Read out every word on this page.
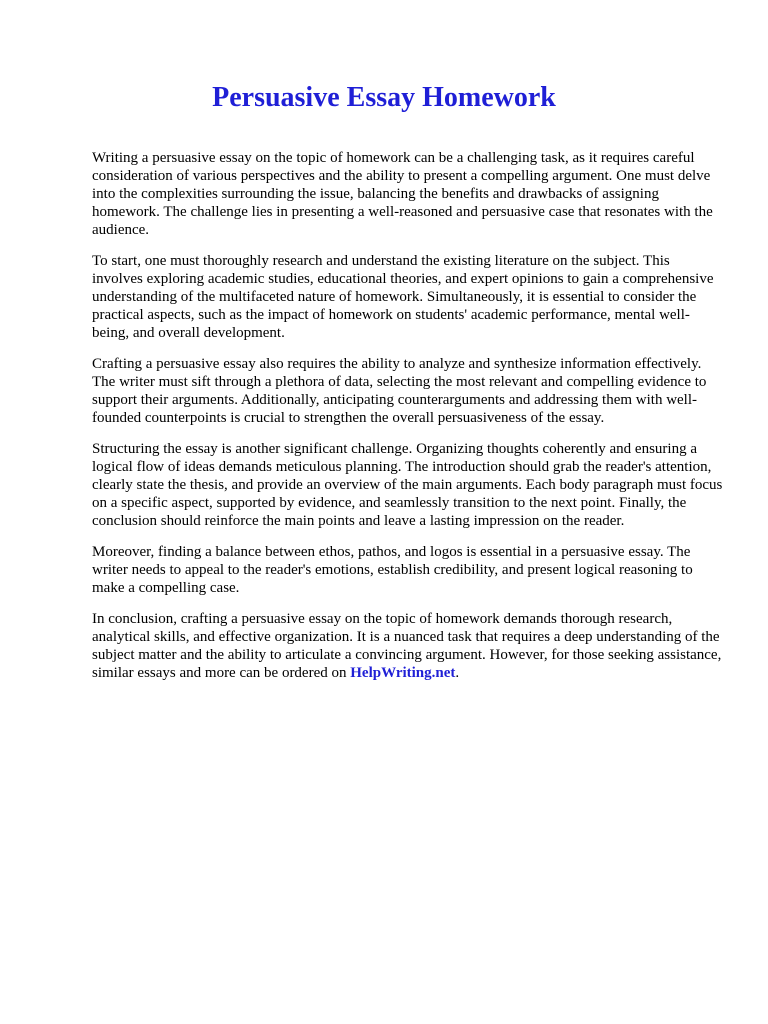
Persuasive Essay Homework

Writing a persuasive essay on the topic of homework can be a challenging task, as it requires careful consideration of various perspectives and the ability to present a compelling argument. One must delve into the complexities surrounding the issue, balancing the benefits and drawbacks of assigning homework. The challenge lies in presenting a well-reasoned and persuasive case that resonates with the audience.

To start, one must thoroughly research and understand the existing literature on the subject. This involves exploring academic studies, educational theories, and expert opinions to gain a comprehensive understanding of the multifaceted nature of homework. Simultaneously, it is essential to consider the practical aspects, such as the impact of homework on students' academic performance, mental well-being, and overall development.

Crafting a persuasive essay also requires the ability to analyze and synthesize information effectively. The writer must sift through a plethora of data, selecting the most relevant and compelling evidence to support their arguments. Additionally, anticipating counterarguments and addressing them with well-founded counterpoints is crucial to strengthen the overall persuasiveness of the essay.

Structuring the essay is another significant challenge. Organizing thoughts coherently and ensuring a logical flow of ideas demands meticulous planning. The introduction should grab the reader's attention, clearly state the thesis, and provide an overview of the main arguments. Each body paragraph must focus on a specific aspect, supported by evidence, and seamlessly transition to the next point. Finally, the conclusion should reinforce the main points and leave a lasting impression on the reader.

Moreover, finding a balance between ethos, pathos, and logos is essential in a persuasive essay. The writer needs to appeal to the reader's emotions, establish credibility, and present logical reasoning to make a compelling case.

In conclusion, crafting a persuasive essay on the topic of homework demands thorough research, analytical skills, and effective organization. It is a nuanced task that requires a deep understanding of the subject matter and the ability to articulate a convincing argument. However, for those seeking assistance, similar essays and more can be ordered on HelpWriting.net.
